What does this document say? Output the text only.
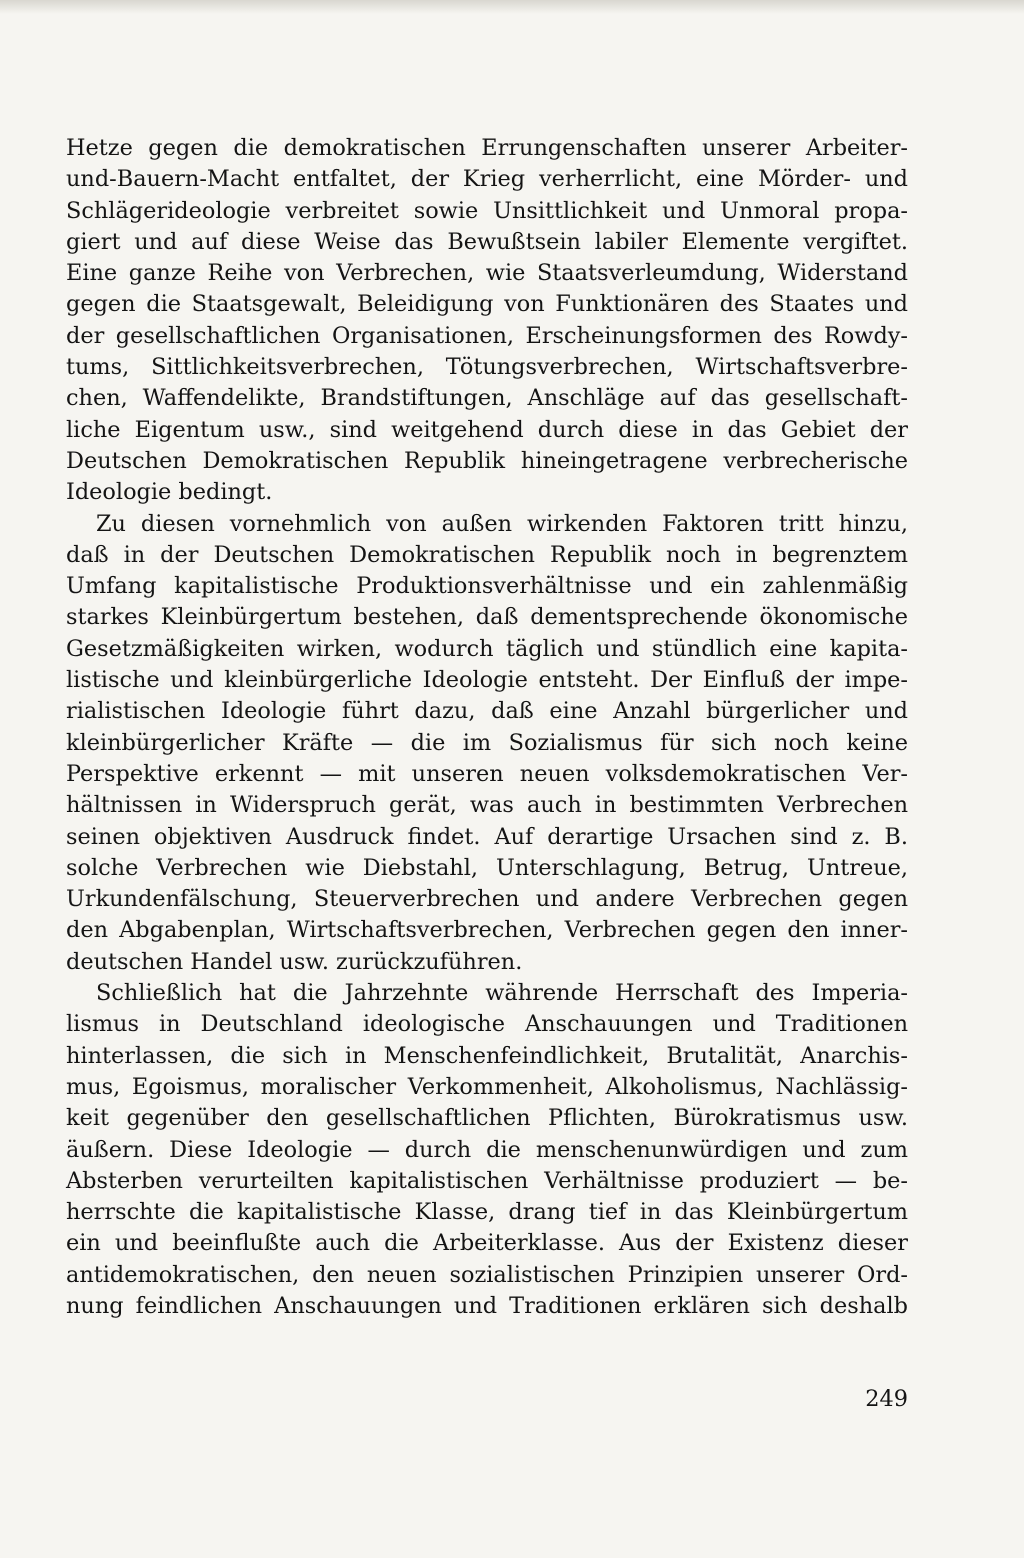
Hetze gegen die demokratischen Errungenschaften unserer Arbeiter-
und-Bauern-Macht entfaltet, der Krieg verherrlicht, eine Mörder- und
Schlägerideologie verbreitet sowie Unsittlichkeit und Unmoral propa-
giert und auf diese Weise das Bewußtsein labiler Elemente vergiftet.
Eine ganze Reihe von Verbrechen, wie Staatsverleumdung, Widerstand
gegen die Staatsgewalt, Beleidigung von Funktionären des Staates und
der gesellschaftlichen Organisationen, Erscheinungsformen des Rowdy-
tums, Sittlichkeitsverbrechen, Tötungsverbrechen, Wirtschaftsverbre-
chen, Waffendelikte, Brandstiftungen, Anschläge auf das gesellschaft-
liche Eigentum usw., sind weitgehend durch diese in das Gebiet der
Deutschen Demokratischen Republik hineingetragene verbrecherische
Ideologie bedingt.
Zu diesen vornehmlich von außen wirkenden Faktoren tritt hinzu,
daß in der Deutschen Demokratischen Republik noch in begrenztem
Umfang kapitalistische Produktionsverhältnisse und ein zahlenmäßig
starkes Kleinbürgertum bestehen, daß dementsprechende ökonomische
Gesetzmäßigkeiten wirken, wodurch täglich und stündlich eine kapita-
listische und kleinbürgerliche Ideologie entsteht. Der Einfluß der impe-
rialistischen Ideologie führt dazu, daß eine Anzahl bürgerlicher und
kleinbürgerlicher Kräfte — die im Sozialismus für sich noch keine
Perspektive erkennt — mit unseren neuen volksdemokratischen Ver-
hältnissen in Widerspruch gerät, was auch in bestimmten Verbrechen
seinen objektiven Ausdruck findet. Auf derartige Ursachen sind z. B.
solche Verbrechen wie Diebstahl, Unterschlagung, Betrug, Untreue,
Urkundenfälschung, Steuerverbrechen und andere Verbrechen gegen
den Abgabenplan, Wirtschaftsverbrechen, Verbrechen gegen den inner-
deutschen Handel usw. zurückzuführen.
Schließlich hat die Jahrzehnte währende Herrschaft des Imperia-
lismus in Deutschland ideologische Anschauungen und Traditionen
hinterlassen, die sich in Menschenfeindlichkeit, Brutalität, Anarchis-
mus, Egoismus, moralischer Verkommenheit, Alkoholismus, Nachlässig-
keit gegenüber den gesellschaftlichen Pflichten, Bürokratismus usw.
äußern. Diese Ideologie — durch die menschenunwürdigen und zum
Absterben verurteilten kapitalistischen Verhältnisse produziert — be-
herrschte die kapitalistische Klasse, drang tief in das Kleinbürgertum
ein und beeinflußte auch die Arbeiterklasse. Aus der Existenz dieser
antidemokratischen, den neuen sozialistischen Prinzipien unserer Ord-
nung feindlichen Anschauungen und Traditionen erklären sich deshalb
249
